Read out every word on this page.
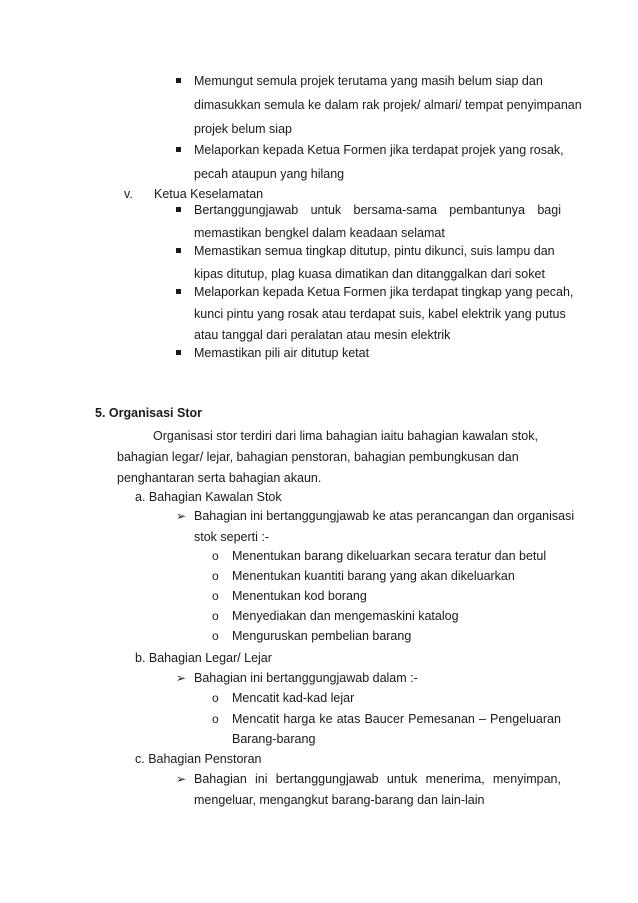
Memungut semula projek terutama yang masih belum siap dan
dimasukkan semula ke dalam rak projek/ almari/ tempat penyimpanan
projek belum siap
Melaporkan kepada Ketua Formen jika terdapat projek yang rosak,
pecah ataupun yang hilang
v. Ketua Keselamatan
Bertanggungjawab untuk bersama-sama pembantunya bagi
memastikan bengkel dalam keadaan selamat
Memastikan semua tingkap ditutup, pintu dikunci, suis lampu dan
kipas ditutup, plag kuasa dimatikan dan ditanggalkan dari soket
Melaporkan kepada Ketua Formen jika terdapat tingkap yang pecah,
kunci pintu yang rosak atau terdapat suis, kabel elektrik yang putus
atau tanggal dari peralatan atau mesin elektrik
Memastikan pili air ditutup ketat
5. Organisasi Stor
Organisasi stor terdiri dari lima bahagian iaitu bahagian kawalan stok,
bahagian legar/ lejar, bahagian penstoran, bahagian pembungkusan dan
penghantaran serta bahagian akaun.
a. Bahagian Kawalan Stok
➢ Bahagian ini bertanggungjawab ke atas perancangan dan organisasi
stok seperti :-
o Menentukan barang dikeluarkan secara teratur dan betul
o Menentukan kuantiti barang yang akan dikeluarkan
o Menentukan kod borang
o Menyediakan dan mengemaskini katalog
o Menguruskan pembelian barang
b. Bahagian Legar/ Lejar
➢ Bahagian ini bertanggungjawab dalam :-
o Mencatit kad-kad lejar
o Mencatit harga ke atas Baucer Pemesanan – Pengeluaran
Barang-barang
c. Bahagian Penstoran
➢ Bahagian ini bertanggungjawab untuk menerima, menyimpan,
mengeluar, mengangkut barang-barang dan lain-lain
